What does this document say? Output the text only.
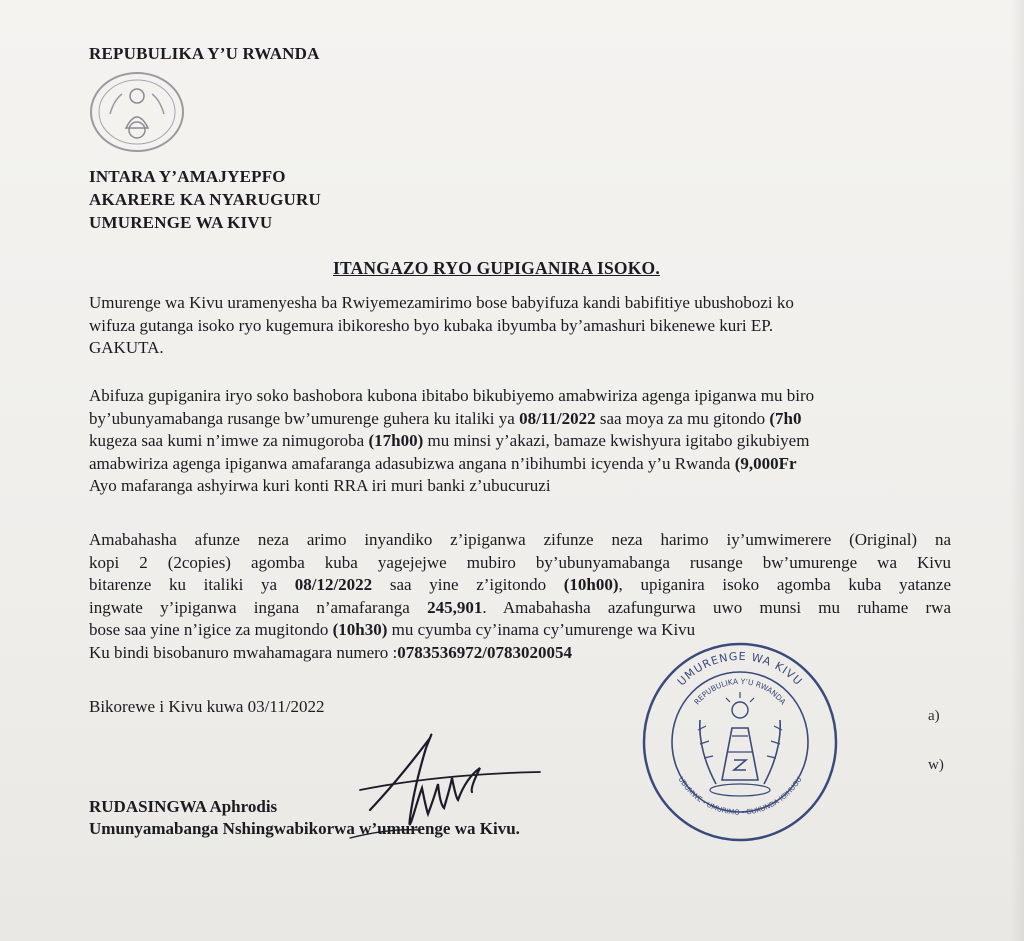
REPUBULIKA Y’U RWANDA
INTARA Y’AMAJYEPFO
AKARERE KA NYARUGURU
UMURENGE WA KIVU
ITANGAZO RYO GUPIGANIRA ISOKO.
Umurenge wa Kivu uramenyesha ba Rwiyemezamirimo bose babyifuza kandi babifitiye ubushobozi ko
wifuza gutanga isoko ryo kugemura ibikoresho byo kubaka ibyumba by’amashuri bikenewe kuri EP.
GAKUTA.
Abifuza gupiganira iryo soko bashobora kubona ibitabo bikubiyemo amabwiriza agenga ipiganwa mu biro
by’ubunyamabanga rusange bw’umurenge guhera ku italiki ya 08/11/2022 saa moya za mu gitondo (7h0
kugeza saa kumi n’imwe za nimugoroba (17h00) mu minsi y’akazi, bamaze kwishyura igitabo gikubiyem
amabwiriza agenga ipiganwa amafaranga adasubizwa angana n’ibihumbi icyenda y’u Rwanda (9,000Fr
Ayo mafaranga ashyirwa kuri konti RRA iri muri banki z’ubucuruzi
Amabahasha afunze neza arimo inyandiko z’ipiganwa zifunze neza harimo iy’umwimerere (Original) na
kopi 2 (2copies) agomba kuba yagejejwe mubiro by’ubunyamabanga rusange bw’umurenge wa Kivu
bitarenze ku italiki ya 08/12/2022 saa yine z’igitondo (10h00), upiganira isoko agomba kuba yatanze
ingwate y’ipiganwa ingana n’amafaranga 245,901. Amabahasha azafungurwa uwo munsi mu ruhame rwa
bose saa yine n’igice za mugitondo (10h30) mu cyumba cy’inama cy’umurenge wa Kivu
Ku bindi bisobanuro mwahamagara numero :0783536972/0783020054
Bikorewe i Kivu kuwa 03/11/2022
RUDASINGWA Aphrodis
Umunyamabanga Nshingwabikorwa w’umurenge wa Kivu.
UMURENGE WA KIVU
REPUBULIKA Y’U RWANDA
UBUMWE - UMURIMO - GUKUNDA IGIHUGU
a)
w)
